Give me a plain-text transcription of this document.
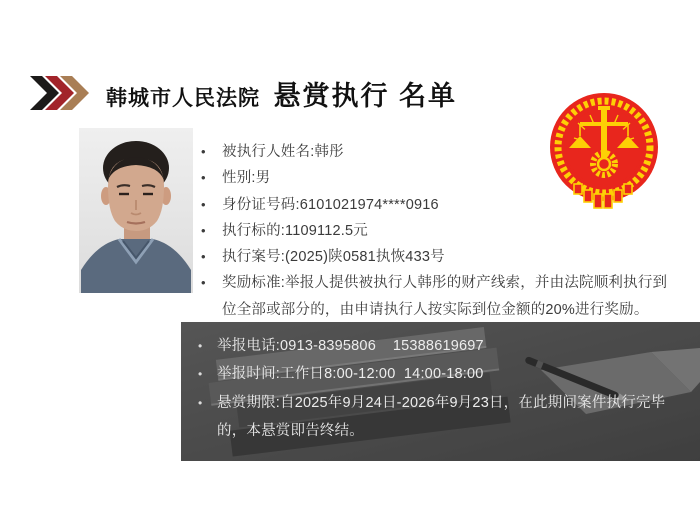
韩城市人民法院 悬赏执行 名单
• 被执行人姓名:韩彤
• 性别:男
• 身份证号码:6101021974****0916
• 执行标的:1109112.5元
• 执行案号:(2025)陕0581执恢433号
• 奖励标准:举报人提供被执行人韩彤的财产线索，并由法院顺利执行到位全部或部分的，由申请执行人按实际到位金额的20%进行奖励。
• 举报电话:0913-8395806    15388619697
• 举报时间:工作日8:00-12:00  14:00-18:00
• 悬赏期限:自2025年9月24日-2026年9月23日，在此期间案件执行完毕的，本悬赏即告终结。
